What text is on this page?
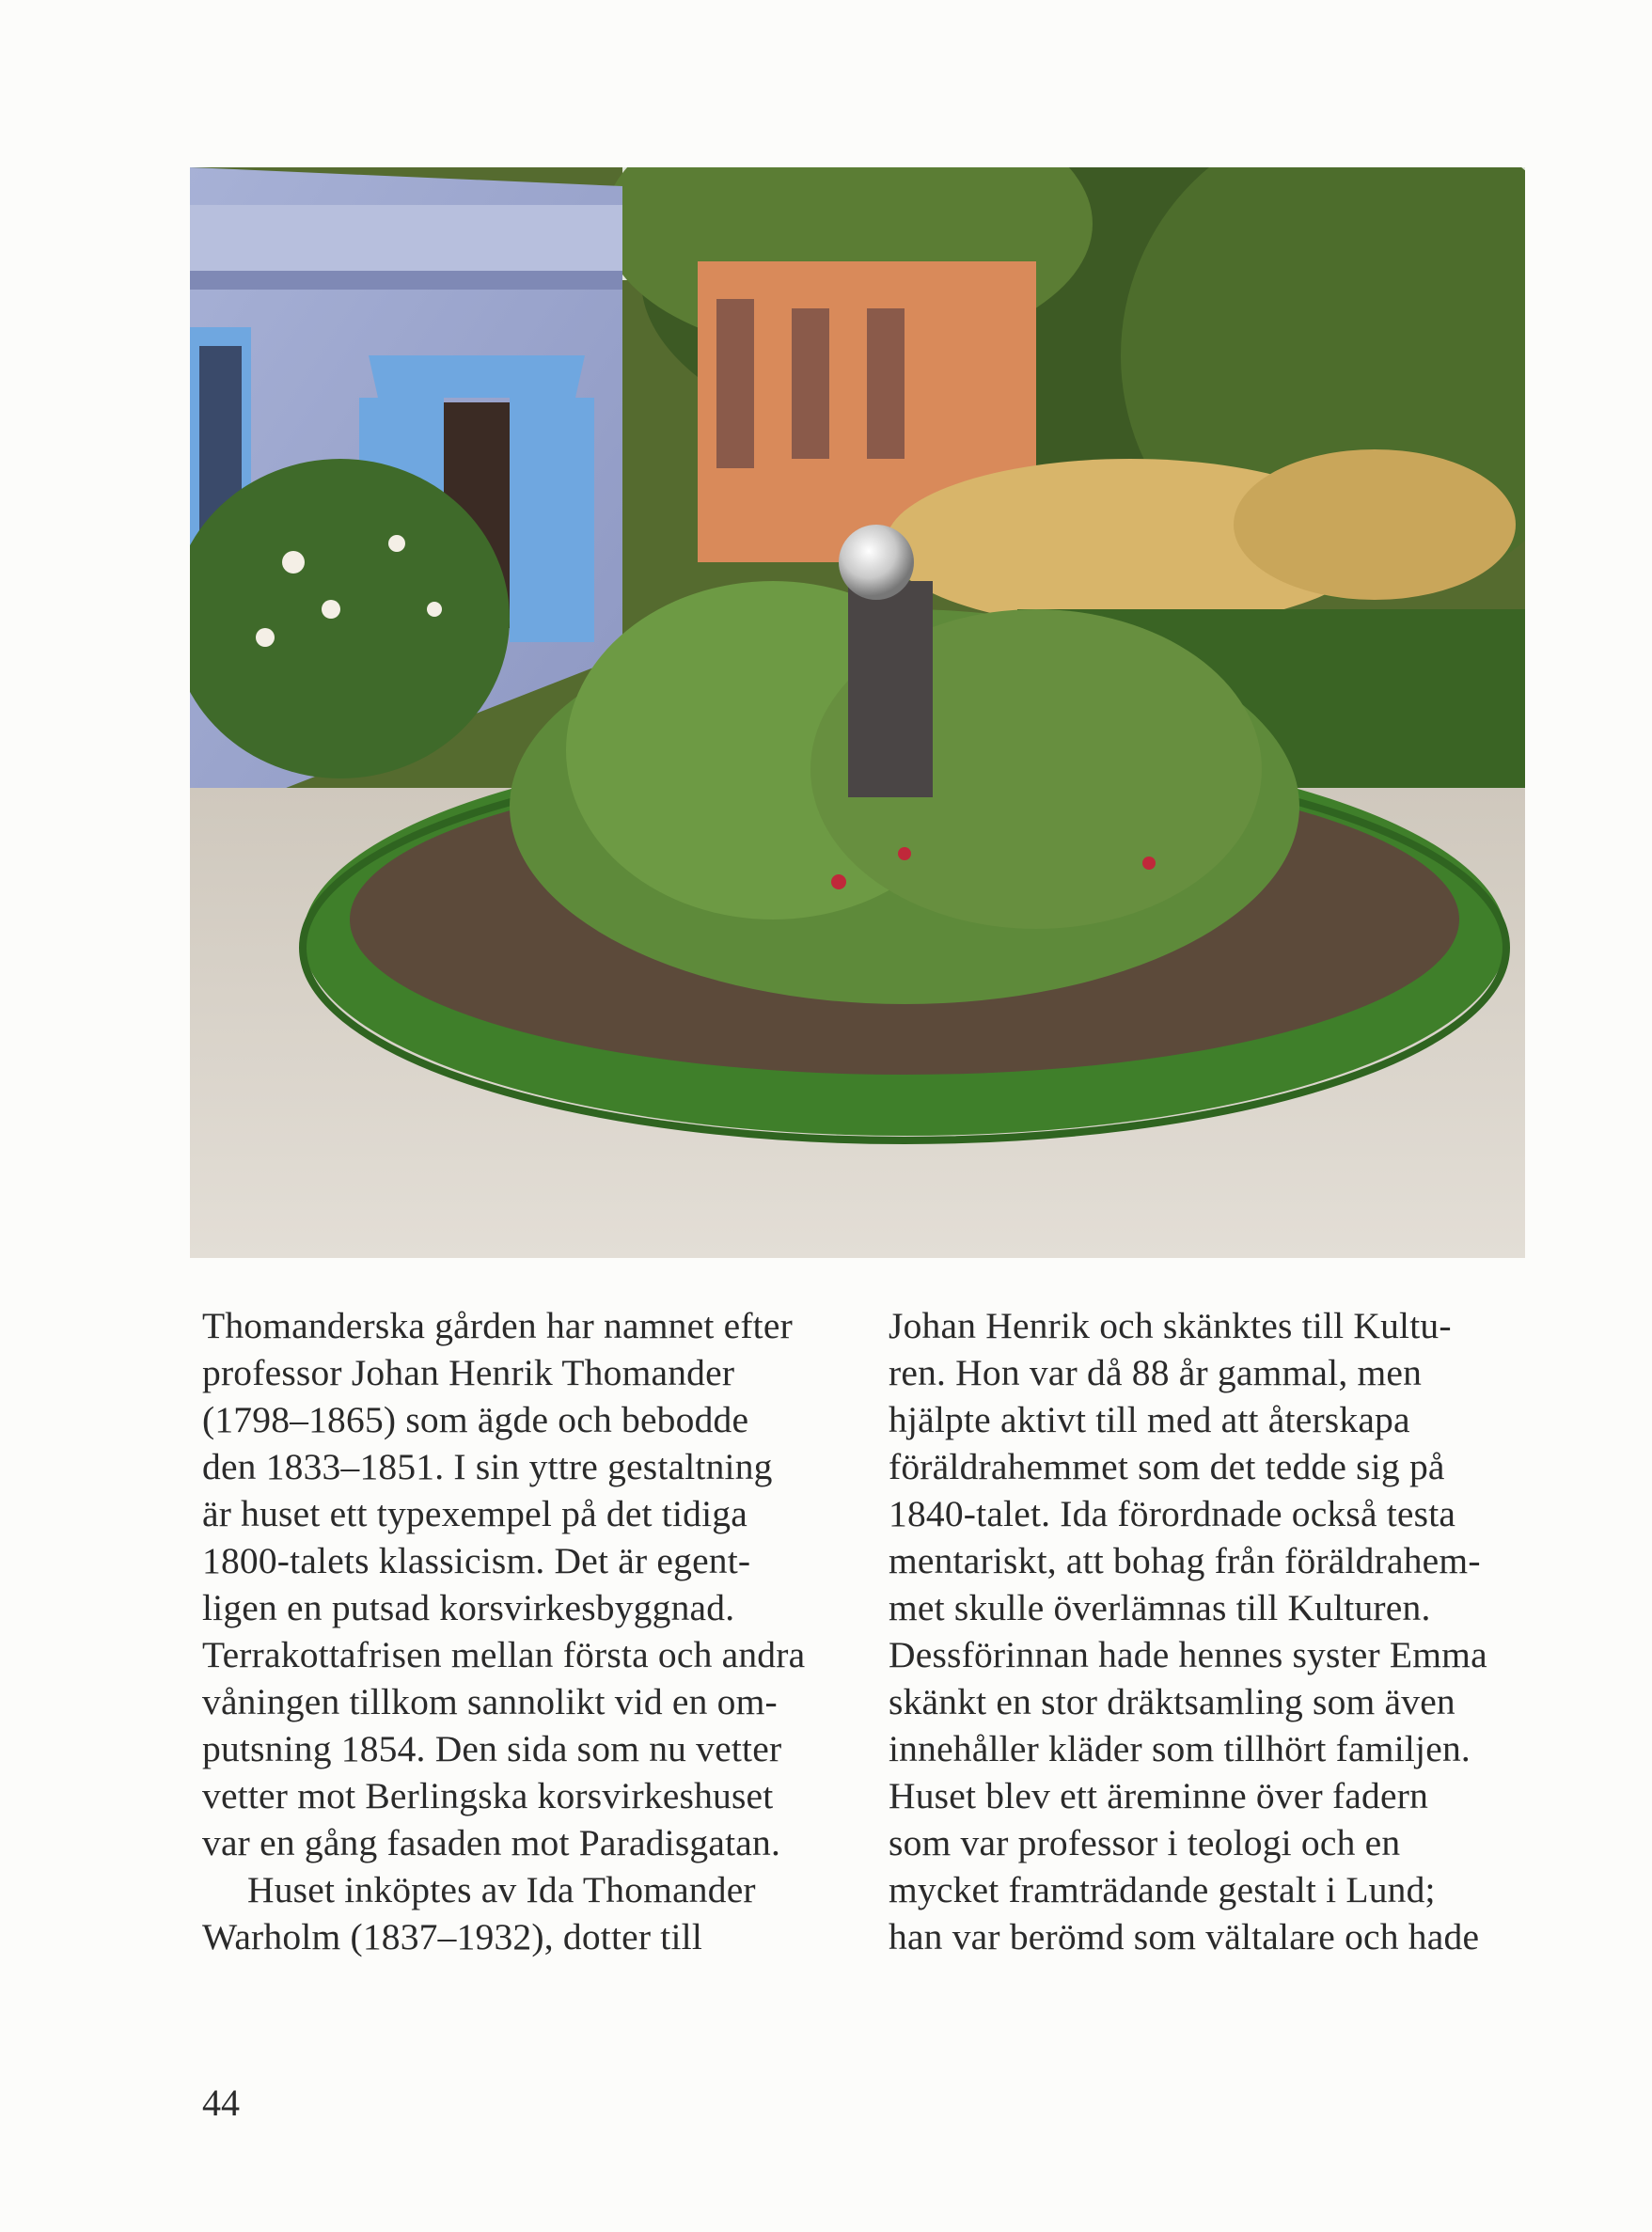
Thomanderska gården har namnet efter
professor Johan Henrik Thomander
(1798–1865) som ägde och bebodde
den 1833–1851. I sin yttre gestaltning
är huset ett typexempel på det tidiga
1800-talets klassicism. Det är egent-
ligen en putsad korsvirkesbyggnad.
Terrakottafrisen mellan första och andra
våningen tillkom sannolikt vid en om-
putsning 1854. Den sida som nu vetter
vetter mot Berlingska korsvirkeshuset
var en gång fasaden mot Paradisgatan.
Huset inköptes av Ida Thomander
Warholm (1837–1932), dotter till
Johan Henrik och skänktes till Kultu-
ren. Hon var då 88 år gammal, men
hjälpte aktivt till med att återskapa
föräldrahemmet som det tedde sig på
1840-talet. Ida förordnade också testa
mentariskt, att bohag från föräldrahem-
met skulle överlämnas till Kulturen.
Dessförinnan hade hennes syster Emma
skänkt en stor dräktsamling som även
innehåller kläder som tillhört familjen.
Huset blev ett äreminne över fadern
som var professor i teologi och en
mycket framträdande gestalt i Lund;
han var berömd som vältalare och hade
44
